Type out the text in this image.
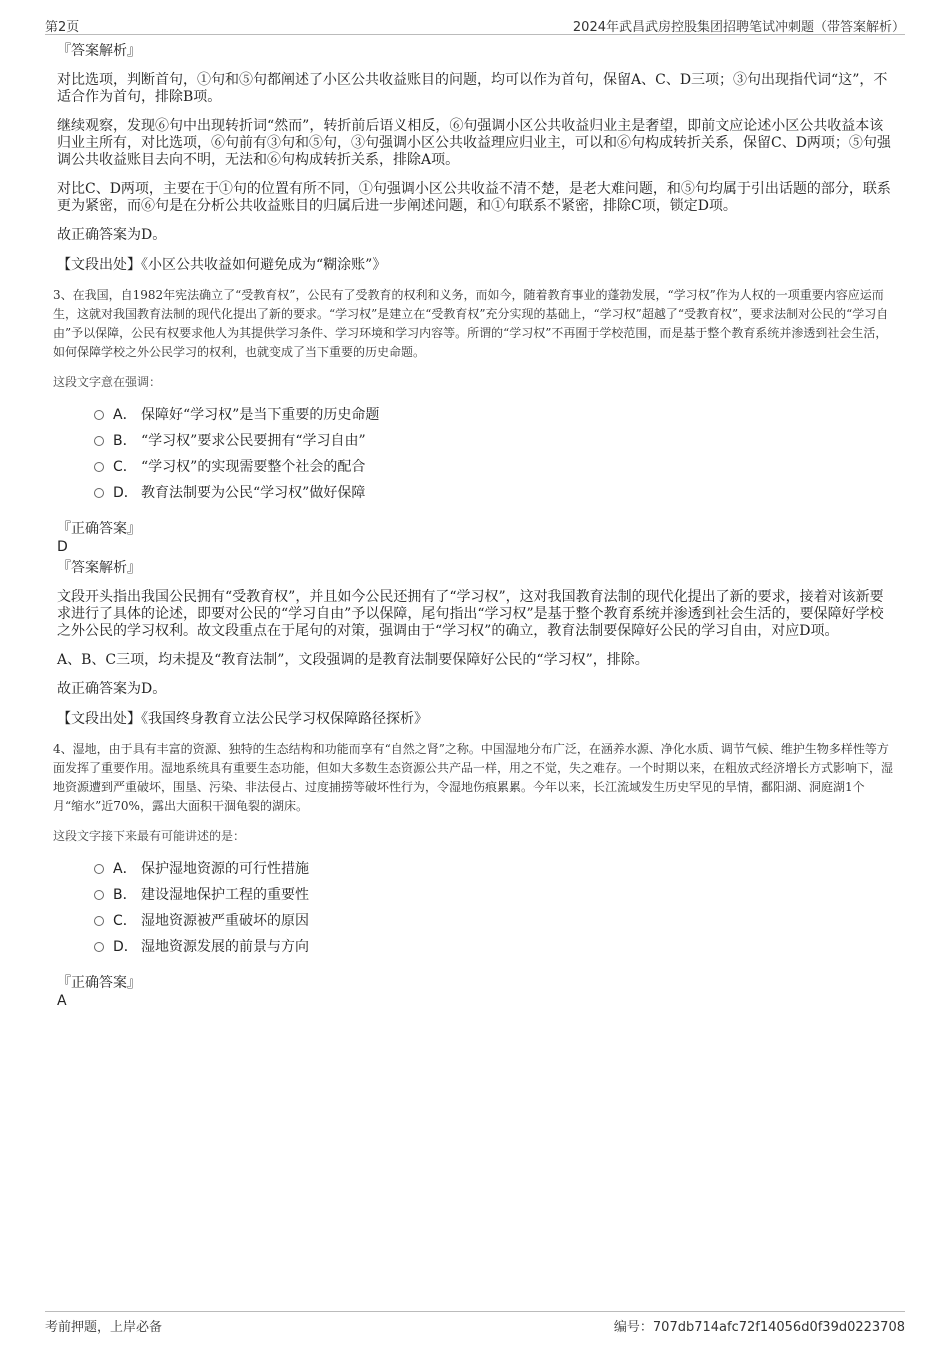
第2页	2024年武昌武房控股集团招聘笔试冲刺题（带答案解析）

『答案解析』

对比选项，判断首句，①句和⑤句都阐述了小区公共收益账目的问题，均可以作为首句，保留A、C、D三项；③句出现指代词“这”，不适合作为首句，排除B项。

继续观察，发现⑥句中出现转折词“然而”，转折前后语义相反，⑥句强调小区公共收益归业主是奢望，即前文应论述小区公共收益本该归业主所有，对比选项，⑥句前有③句和⑤句，③句强调小区公共收益理应归业主，可以和⑥句构成转折关系，保留C、D两项；⑤句强调公共收益账目去向不明，无法和⑥句构成转折关系，排除A项。

对比C、D两项，主要在于①句的位置有所不同，①句强调小区公共收益不清不楚，是老大难问题，和⑤句均属于引出话题的部分，联系更为紧密，而⑥句是在分析公共收益账目的归属后进一步阐述问题，和①句联系不紧密，排除C项，锁定D项。

故正确答案为D。

【文段出处】《小区公共收益如何避免成为“糊涂账”》

3、在我国，自1982年宪法确立了“受教育权”，公民有了受教育的权利和义务，而如今，随着教育事业的蓬勃发展，“学习权”作为人权的一项重要内容应运而生，这就对我国教育法制的现代化提出了新的要求。“学习权”是建立在“受教育权”充分实现的基础上，“学习权”超越了“受教育权”，要求法制对公民的“学习自由”予以保障，公民有权要求他人为其提供学习条件、学习环境和学习内容等。所谓的“学习权”不再囿于学校范围，而是基于整个教育系统并渗透到社会生活，如何保障学校之外公民学习的权利，也就变成了当下重要的历史命题。

这段文字意在强调：

A． 保障好“学习权”是当下重要的历史命题
B． “学习权”要求公民要拥有“学习自由”
C． “学习权”的实现需要整个社会的配合
D． 教育法制要为公民“学习权”做好保障

『正确答案』

D

『答案解析』

文段开头指出我国公民拥有“受教育权”，并且如今公民还拥有了“学习权”，这对我国教育法制的现代化提出了新的要求，接着对该新要求进行了具体的论述，即要对公民的“学习自由”予以保障，尾句指出“学习权”是基于整个教育系统并渗透到社会生活的，要保障好学校之外公民的学习权利。故文段重点在于尾句的对策，强调由于“学习权”的确立，教育法制要保障好公民的学习自由，对应D项。

A、B、C三项，均未提及“教育法制”，文段强调的是教育法制要保障好公民的“学习权”，排除。

故正确答案为D。

【文段出处】《我国终身教育立法公民学习权保障路径探析》

4、湿地，由于具有丰富的资源、独特的生态结构和功能而享有“自然之肾”之称。中国湿地分布广泛，在涵养水源、净化水质、调节气候、维护生物多样性等方面发挥了重要作用。湿地系统具有重要生态功能，但如大多数生态资源公共产品一样，用之不觉，失之难存。一个时期以来，在粗放式经济增长方式影响下，湿地资源遭到严重破坏，围垦、污染、非法侵占、过度捕捞等破坏性行为，令湿地伤痕累累。今年以来，长江流域发生历史罕见的旱情，鄱阳湖、洞庭湖1个月“缩水”近70%，露出大面积干涸龟裂的湖床。

这段文字接下来最有可能讲述的是：

A． 保护湿地资源的可行性措施
B． 建设湿地保护工程的重要性
C． 湿地资源被严重破坏的原因
D． 湿地资源发展的前景与方向

『正确答案』

A

考前押题，上岸必备	编号：707db714afc72f14056d0f39d0223708
